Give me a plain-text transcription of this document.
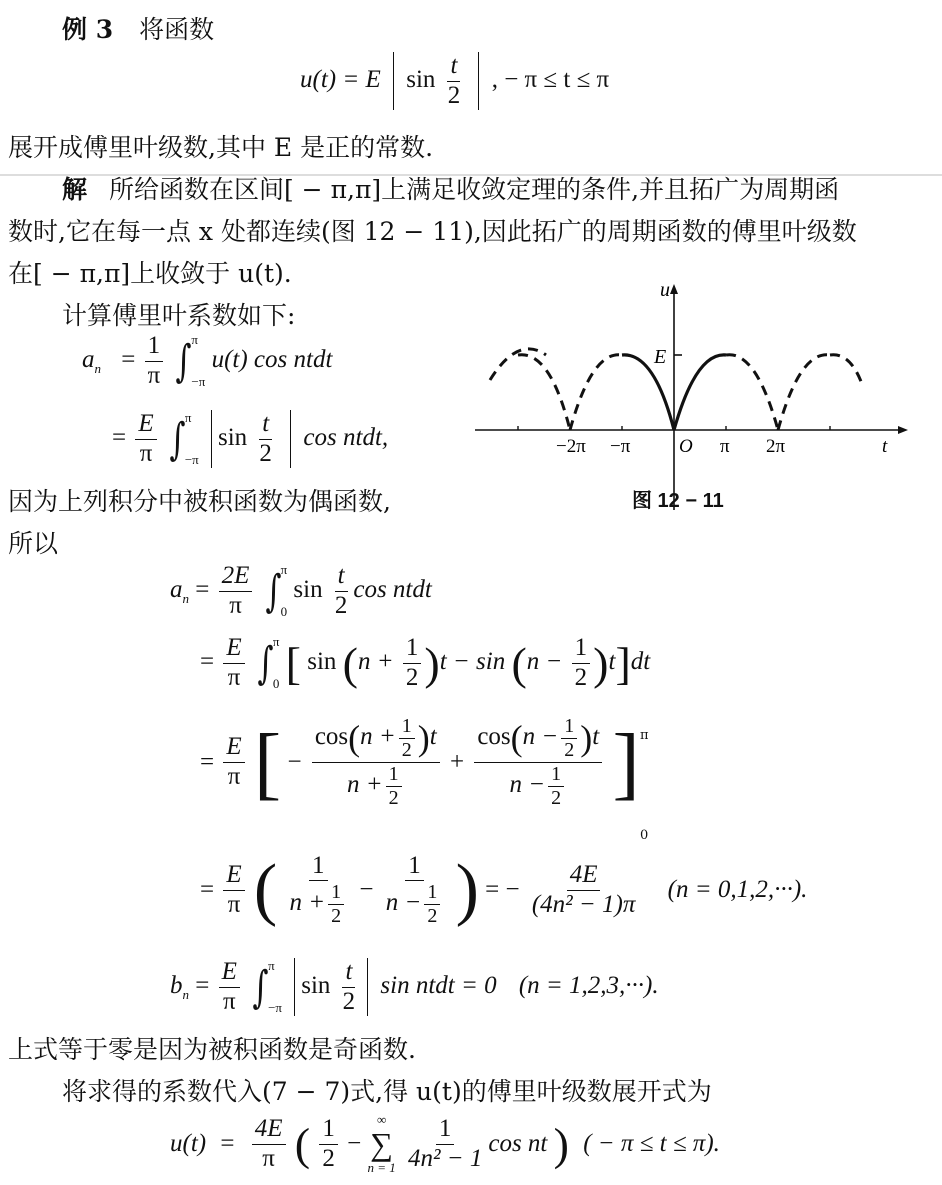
例 3 将函数
u(t) = E $\sin \frac{t}{2}$ , − π ≤ t ≤ π
展开成傅里叶级数,其中 E 是正的常数.
解 所给函数在区间[ − π,π]上满足收敛定理的条件,并且拓广为周期函
数时,它在每一点 x 处都连续(图 12 − 11),因此拓广的周期函数的傅里叶级数
在[ − π,π]上收敛于 u(t).
计算傅里叶系数如下:
$a_n = \frac{1}{\pi}$ ∫ π
−π
u(t) cos ntdt
= $\frac{E}{\pi}$ ∫ π
−π
$\sin \frac{t}{2}$ cos ntdt,
u
E
−2π −π	O π 2π	t
图 12 − 11
因为上列积分中被积函数为偶函数,
所以
$a_n = \frac{2E}{\pi}$ ∫ π
0
$\sin \frac{t}{2}$ cos ntdt
= $\frac{E}{\pi}$ ∫ π
0 [ $\sin (n + \frac{1}{2} )t - \sin (n - \frac{1}{2} )t]dt$
= $\frac{E}{\pi}$ [ − $\frac{\cos(n + \frac{1}{2} )t}{n + \frac{1}{2}} + \frac{\cos(n - \frac{1}{2} )t}{n - \frac{1}{2}}$ ] π
0
= $\frac{E}{\pi}$ ( $\frac{1}{n + \frac{1}{2}} - \frac{1}{n - \frac{1}{2}}$ ) = − $\frac{4E}{\text{(4n² − 1)π}} (n = 0,1,2,\cdot\cdot\cdot)$.
$b_n = \frac{E}{\pi}$ ∫ π
−π
$\sin \frac{t}{2}$ sin ntdt = 0 (n = 1,2,3,···).
上式等于零是因为被积函数是奇函数.
将求得的系数代入(7 − 7)式,得 u(t)的傅里叶级数展开式为
$u(t) = \frac{4E}{\pi}$ ( $\frac{1}{2}$ −
∞
∑
n = 1
$\frac{1}{\text{4n² − 1}}$ cos nt ) ( − π ≤ t ≤ π).
